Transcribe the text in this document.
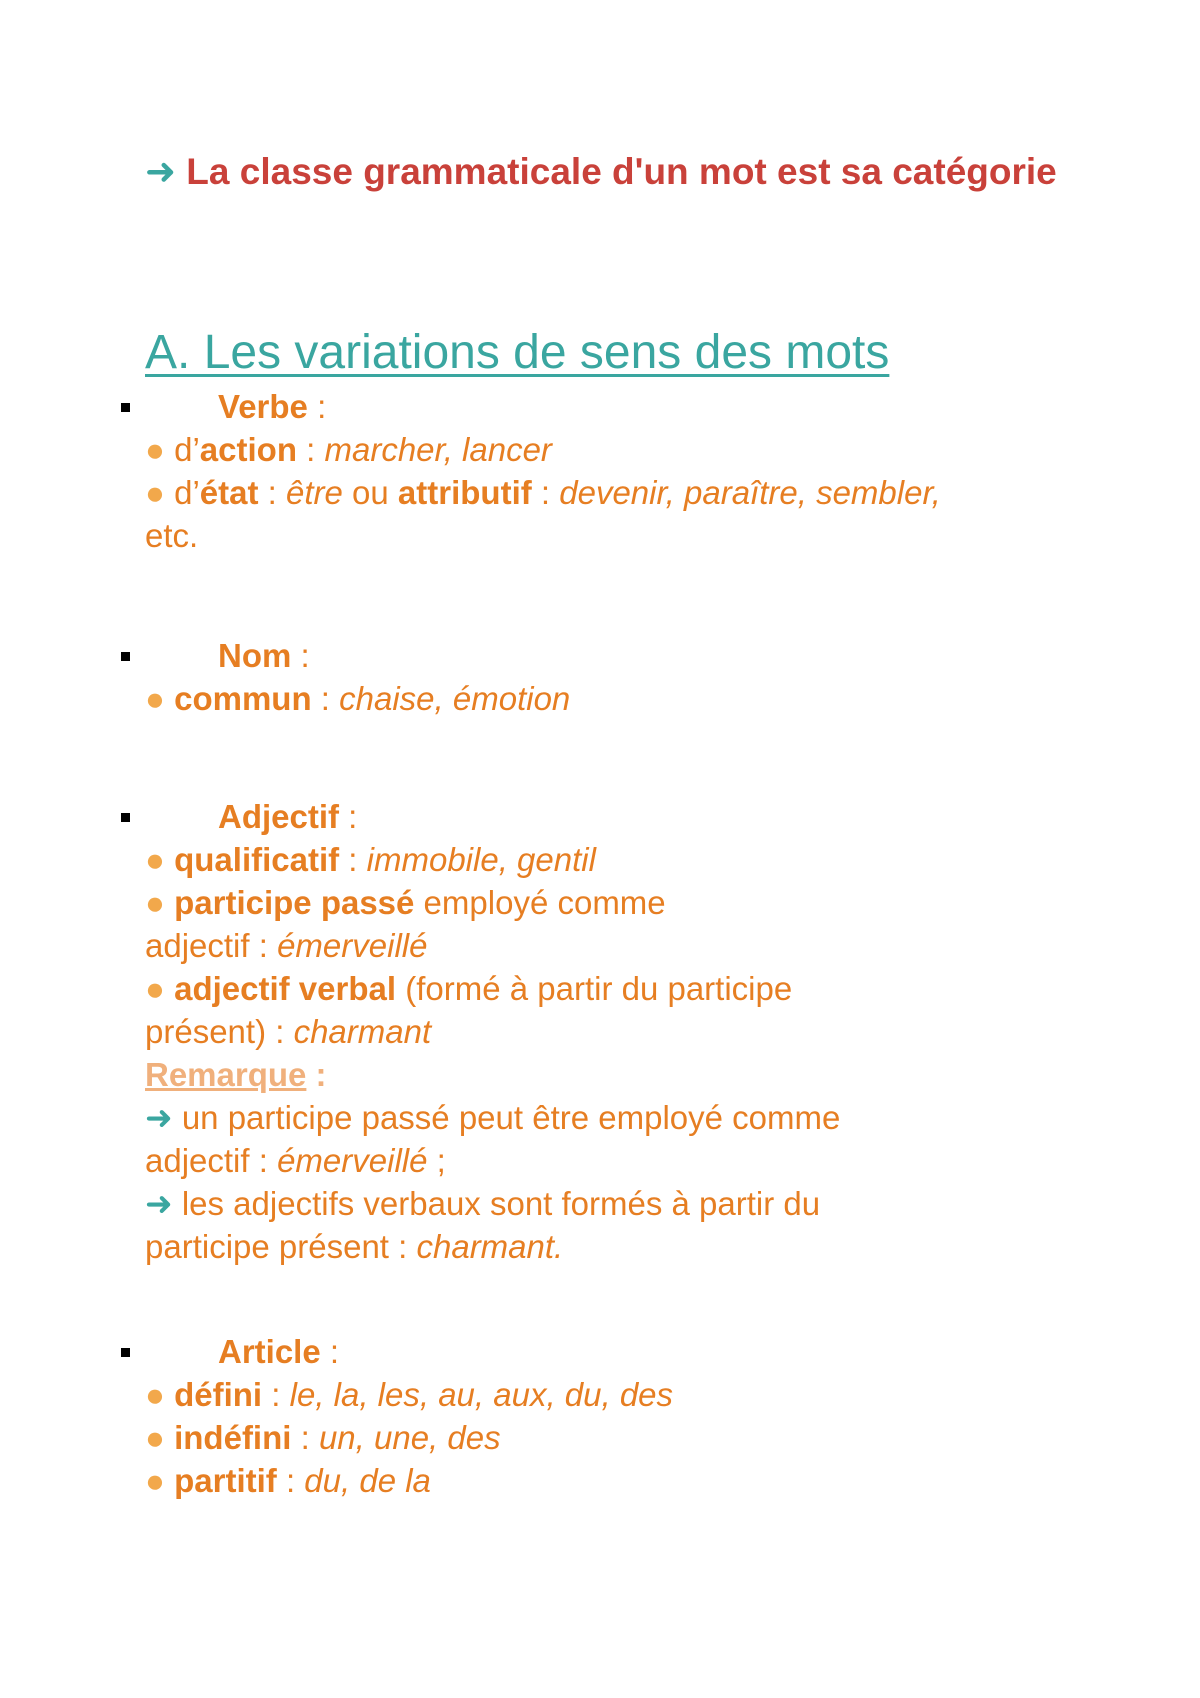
➜ La classe grammaticale d'un mot est sa catégorie
A. Les variations de sens des mots
Verbe :
● d’action : marcher, lancer
● d’état : être ou attributif : devenir, paraître, sembler,
etc.
Nom :
● commun : chaise, émotion
Adjectif :
● qualificatif : immobile, gentil
● participe passé employé comme
adjectif : émerveillé
● adjectif verbal (formé à partir du participe
présent) : charmant
Remarque :
➜ un participe passé peut être employé comme
adjectif : émerveillé ;
➜ les adjectifs verbaux sont formés à partir du
participe présent : charmant.
Article :
● défini : le, la, les, au, aux, du, des
● indéfini : un, une, des
● partitif : du, de la
